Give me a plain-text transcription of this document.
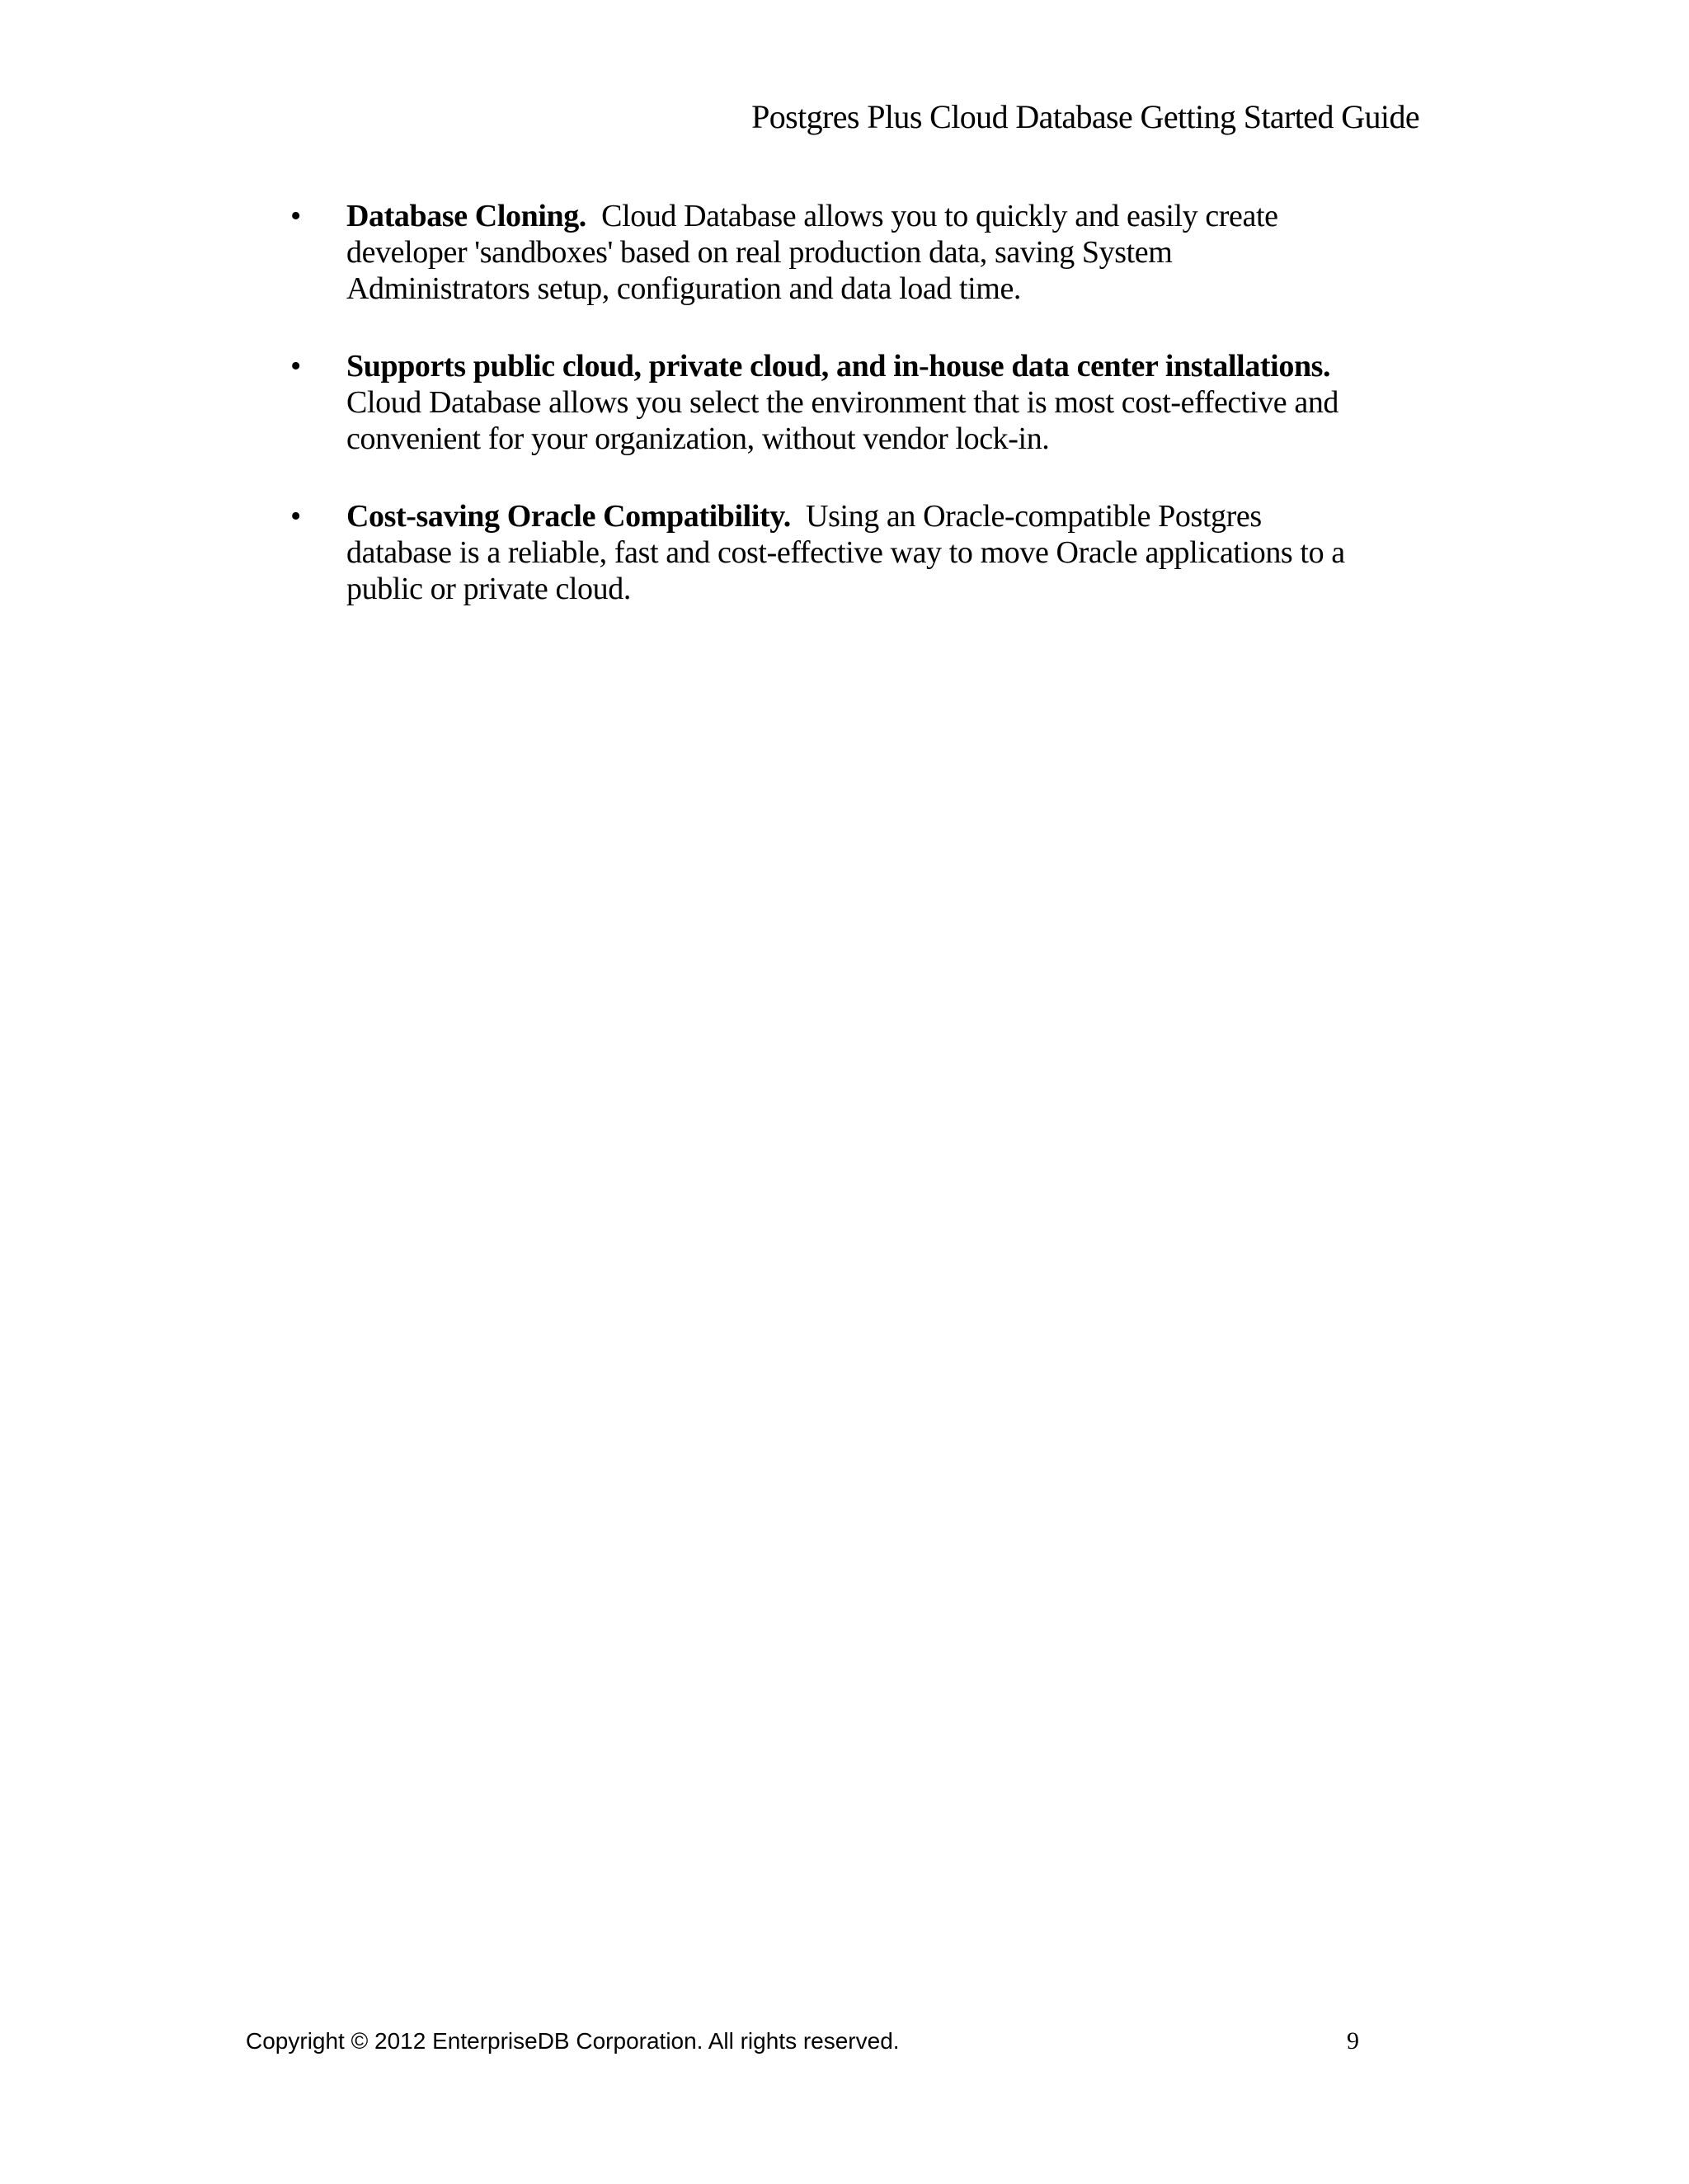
Postgres Plus Cloud Database Getting Started Guide
•	Database Cloning. Cloud Database allows you to quickly and easily create
developer 'sandboxes' based on real production data, saving System
Administrators setup, configuration and data load time.
•	Supports public cloud, private cloud, and in-house data center installations.
Cloud Database allows you select the environment that is most cost-effective and
convenient for your organization, without vendor lock-in.
•	Cost-saving Oracle Compatibility. Using an Oracle-compatible Postgres
database is a reliable, fast and cost-effective way to move Oracle applications to a
public or private cloud.
Copyright © 2012 EnterpriseDB Corporation. All rights reserved.	9
